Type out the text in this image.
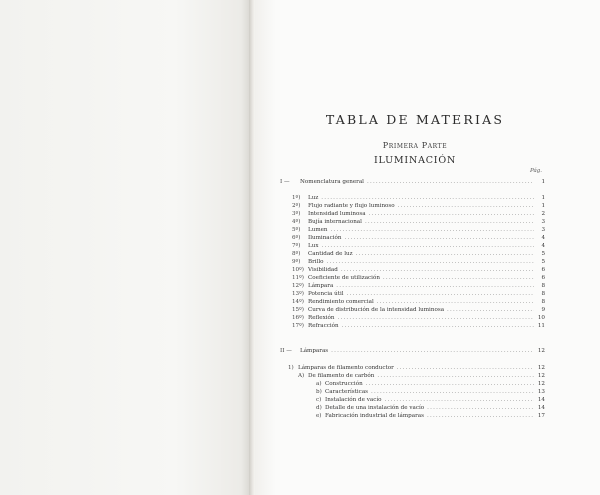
TABLA DE MATERIAS
Primera Parte
ILUMINACIÓN
Pág.
I —	Nomenclatura general .....	1
1º)	Luz .....	1
2º)	Flujo radiante y flujo luminoso .....	1
3º)	Intensidad luminosa .....	2
4º)	Bujía internacional .....	3
5º)	Lumen .....	3
6º)	Iluminación .....	4
7º)	Lux .....	4
8º)	Cantidad de luz .....	5
9º)	Brillo .....	5
10º) Visibilidad .....	6
11º) Coeficiente de utilización .....	6
12º) Lámpara .....	8
13º) Potencia útil .....	8
14º) Rendimiento comercial .....	8
15º) Curva de distribución de la intensidad luminosa .....	9
16º) Reflexión .....	10
17º) Refracción .....	11
II —	Lámparas .....	12
1) Lámparas de filamento conductor .....	12
A) De filamento de carbón .....	12
a) Construcción .....	12
b) Características .....	13
c) Instalación de vacío .....	14
d) Detalle de una instalación de vacío .....	14
e) Fabricación industrial de lámparas .....	17
